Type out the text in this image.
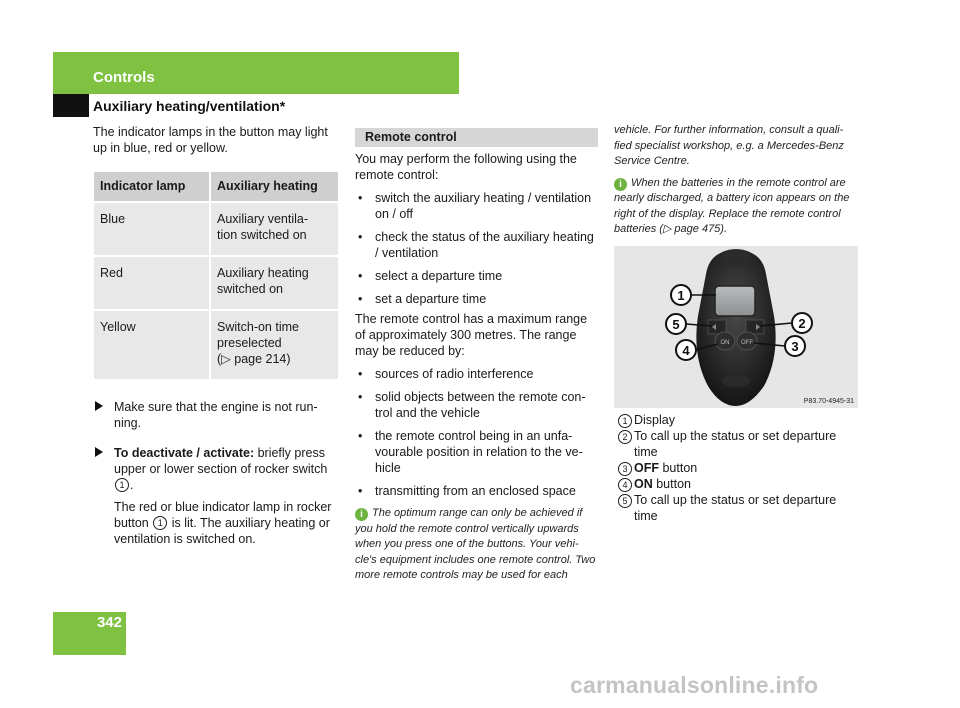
Controls
Auxiliary heating/ventilation*

The indicator lamps in the button may light up in blue, red or yellow.

Indicator lamp	Auxiliary heating
Blue	Auxiliary ventila-
tion switched on
Red	Auxiliary heating
switched on
Yellow	Switch-on time
preselected
(▷ page 214)
Make sure that the engine is not run-ning.
To deactivate / activate: briefly press upper or lower section of rocker switch 1 .
The red or blue indicator lamp in rocker button 1 is lit. The auxiliary heating or ventilation is switched on.
Remote control
You may perform the following using the remote control:
• switch the auxiliary heating / ventilation on / off
• check the status of the auxiliary heating / ventilation
• select a departure time
• set a departure time
The remote control has a maximum range of approximately 300 metres. The range may be reduced by:
• sources of radio interference
• solid objects between the remote con-trol and the vehicle
• the remote control being in an unfa-vourable position in relation to the ve-hicle
• transmitting from an enclosed space
i The optimum range can only be achieved if you hold the remote control vertically upwards when you press one of the buttons. Your vehi-cle's equipment includes one remote control. Two more remote controls may be used for each
vehicle. For further information, consult a quali-fied specialist workshop, e.g. a Mercedes-Benz Service Centre.
i When the batteries in the remote control are nearly discharged, a battery icon appears on the right of the display. Replace the remote control batteries (▷ page 475).
ON OFF
1
5
4
2
3
P83.70-4945-31
1 Display
2 To call up the status or set departure time
3 OFF button
4 ON button
5 To call up the status or set departure time
342
carmanualsonline.info
